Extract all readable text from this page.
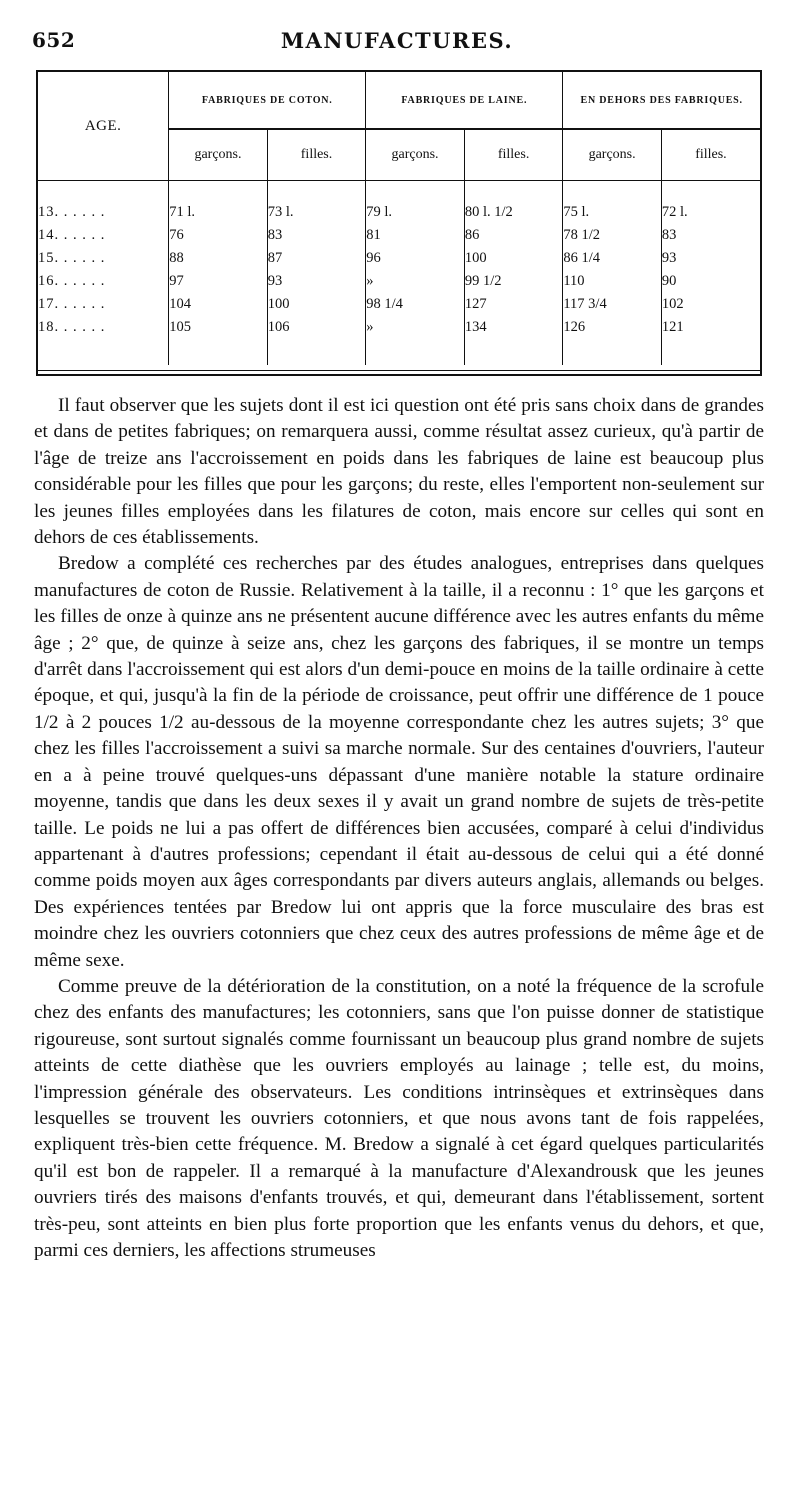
652	MANUFACTURES.
AGE.	FABRIQUES DE COTON.		FABRIQUES DE LAINE.		EN DEHORS DES FABRIQUES.	
	garçons.	filles.	garçons.	filles.	garçons.	filles.

13. . . . . .	71 l.	73 l.	79 l.	80 l. 1/2	75 l.	72 l.
14. . . . . .	76	83	81	86	78 1/2	83
15. . . . . .	88	87	96	100	86 1/4	93
16. . . . . .	97	93	»	99 1/2	110	90
17. . . . . .	104	100	98 1/4	127	117 3/4	102
18. . . . . .	105	106	»	134	126	121

Il faut observer que les sujets dont il est ici question ont été pris sans choix dans de grandes et dans de petites fabriques; on remarquera aussi, comme résultat assez curieux, qu'à partir de l'âge de treize ans l'accroissement en poids dans les fabriques de laine est beaucoup plus considérable pour les filles que pour les garçons; du reste, elles l'emportent non-seulement sur les jeunes filles employées dans les filatures de coton, mais encore sur celles qui sont en dehors de ces établissements.

Bredow a complété ces recherches par des études analogues, entreprises dans quelques manufactures de coton de Russie. Relativement à la taille, il a reconnu : 1° que les garçons et les filles de onze à quinze ans ne présentent aucune différence avec les autres enfants du même âge ; 2° que, de quinze à seize ans, chez les garçons des fabriques, il se montre un temps d'arrêt dans l'accroissement qui est alors d'un demi-pouce en moins de la taille ordinaire à cette époque, et qui, jusqu'à la fin de la période de croissance, peut offrir une différence de 1 pouce 1/2 à 2 pouces 1/2 au-dessous de la moyenne correspondante chez les autres sujets; 3° que chez les filles l'accroissement a suivi sa marche normale. Sur des centaines d'ouvriers, l'auteur en a à peine trouvé quelques-uns dépassant d'une manière notable la stature ordinaire moyenne, tandis que dans les deux sexes il y avait un grand nombre de sujets de très-petite taille. Le poids ne lui a pas offert de différences bien accusées, comparé à celui d'individus appartenant à d'autres professions; cependant il était au-dessous de celui qui a été donné comme poids moyen aux âges correspondants par divers auteurs anglais, allemands ou belges. Des expériences tentées par Bredow lui ont appris que la force musculaire des bras est moindre chez les ouvriers cotonniers que chez ceux des autres professions de même âge et de même sexe.

Comme preuve de la détérioration de la constitution, on a noté la fréquence de la scrofule chez des enfants des manufactures; les cotonniers, sans que l'on puisse donner de statistique rigoureuse, sont surtout signalés comme fournissant un beaucoup plus grand nombre de sujets atteints de cette diathèse que les ouvriers employés au lainage ; telle est, du moins, l'impression générale des observateurs. Les conditions intrinsèques et extrinsèques dans lesquelles se trouvent les ouvriers cotonniers, et que nous avons tant de fois rappelées, expliquent très-bien cette fréquence. M. Bredow a signalé à cet égard quelques particularités qu'il est bon de rappeler. Il a remarqué à la manufacture d'Alexandrousk que les jeunes ouvriers tirés des maisons d'enfants trouvés, et qui, demeurant dans l'établissement, sortent très-peu, sont atteints en bien plus forte proportion que les enfants venus du dehors, et que, parmi ces derniers, les affections strumeuses
